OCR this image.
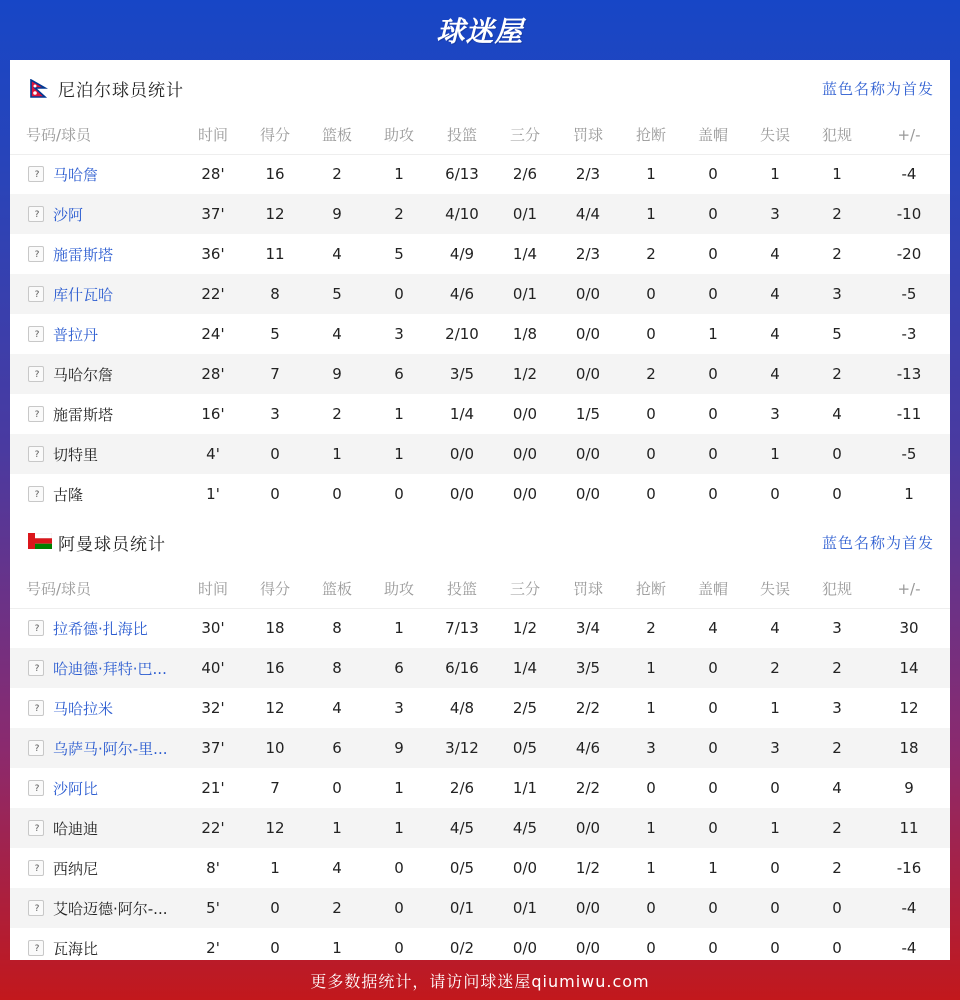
球迷屋
尼泊尔球员统计	蓝色名称为首发
号码/球员	时间	得分	篮板	助攻	投篮	三分	罚球	抢断	盖帽	失误	犯规	+/-
?马哈詹	28'	16	2	1	6/13	2/6	2/3	1	0	1	1	-4
?沙阿	37'	12	9	2	4/10	0/1	4/4	1	0	3	2	-10
?施雷斯塔	36'	11	4	5	4/9	1/4	2/3	2	0	4	2	-20
?库什瓦哈	22'	8	5	0	4/6	0/1	0/0	0	0	4	3	-5
?普拉丹	24'	5	4	3	2/10	1/8	0/0	0	1	4	5	-3
?马哈尔詹	28'	7	9	6	3/5	1/2	0/0	2	0	4	2	-13
?施雷斯塔	16'	3	2	1	1/4	0/0	1/5	0	0	3	4	-11
?切特里	4'	0	1	1	0/0	0/0	0/0	0	0	1	0	-5
?古隆	1'	0	0	0	0/0	0/0	0/0	0	0	0	0	1
阿曼球员统计	蓝色名称为首发
号码/球员	时间	得分	篮板	助攻	投篮	三分	罚球	抢断	盖帽	失误	犯规	+/-
?拉希德·扎海比	30'	18	8	1	7/13	1/2	3/4	2	4	4	3	30
?哈迪德·拜特·巴...	40'	16	8	6	6/16	1/4	3/5	1	0	2	2	14
?马哈拉米	32'	12	4	3	4/8	2/5	2/2	1	0	1	3	12
?乌萨马·阿尔-里...	37'	10	6	9	3/12	0/5	4/6	3	0	3	2	18
?沙阿比	21'	7	0	1	2/6	1/1	2/2	0	0	0	4	9
?哈迪迪	22'	12	1	1	4/5	4/5	0/0	1	0	1	2	11
?西纳尼	8'	1	4	0	0/5	0/0	1/2	1	1	0	2	-16
?艾哈迈德·阿尔-...	5'	0	2	0	0/1	0/1	0/0	0	0	0	0	-4
?瓦海比	2'	0	1	0	0/2	0/0	0/0	0	0	0	0	-4
更多数据统计，请访问球迷屋qiumiwu.com
